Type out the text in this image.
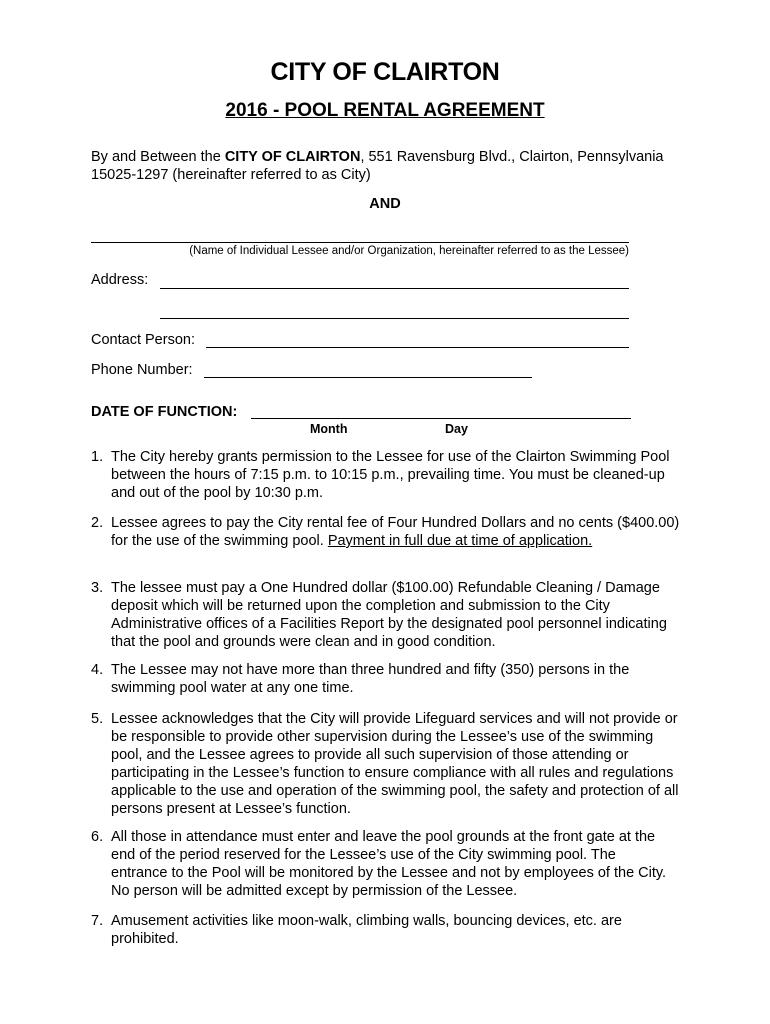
CITY OF CLAIRTON
2016 - POOL RENTAL AGREEMENT
By and Between the CITY OF CLAIRTON, 551 Ravensburg Blvd., Clairton, Pennsylvania 15025-1297 (hereinafter referred to as City)
AND
(Name of Individual Lessee and/or Organization, hereinafter referred to as the Lessee)
Address:
Contact Person:
Phone Number:
DATE OF FUNCTION:
Month	Day
1. The City hereby grants permission to the Lessee for use of the Clairton Swimming Pool between the hours of 7:15 p.m. to 10:15 p.m., prevailing time. You must be cleaned-up and out of the pool by 10:30 p.m.
2. Lessee agrees to pay the City rental fee of Four Hundred Dollars and no cents ($400.00) for the use of the swimming pool. Payment in full due at time of application.
3. The lessee must pay a One Hundred dollar ($100.00) Refundable Cleaning / Damage deposit which will be returned upon the completion and submission to the City Administrative offices of a Facilities Report by the designated pool personnel indicating that the pool and grounds were clean and in good condition.
4. The Lessee may not have more than three hundred and fifty (350) persons in the swimming pool water at any one time.
5. Lessee acknowledges that the City will provide Lifeguard services and will not provide or be responsible to provide other supervision during the Lessee’s use of the swimming pool, and the Lessee agrees to provide all such supervision of those attending or participating in the Lessee’s function to ensure compliance with all rules and regulations applicable to the use and operation of the swimming pool, the safety and protection of all persons present at Lessee’s function.
6. All those in attendance must enter and leave the pool grounds at the front gate at the end of the period reserved for the Lessee’s use of the City swimming pool. The entrance to the Pool will be monitored by the Lessee and not by employees of the City. No person will be admitted except by permission of the Lessee.
7. Amusement activities like moon-walk, climbing walls, bouncing devices, etc. are prohibited.
